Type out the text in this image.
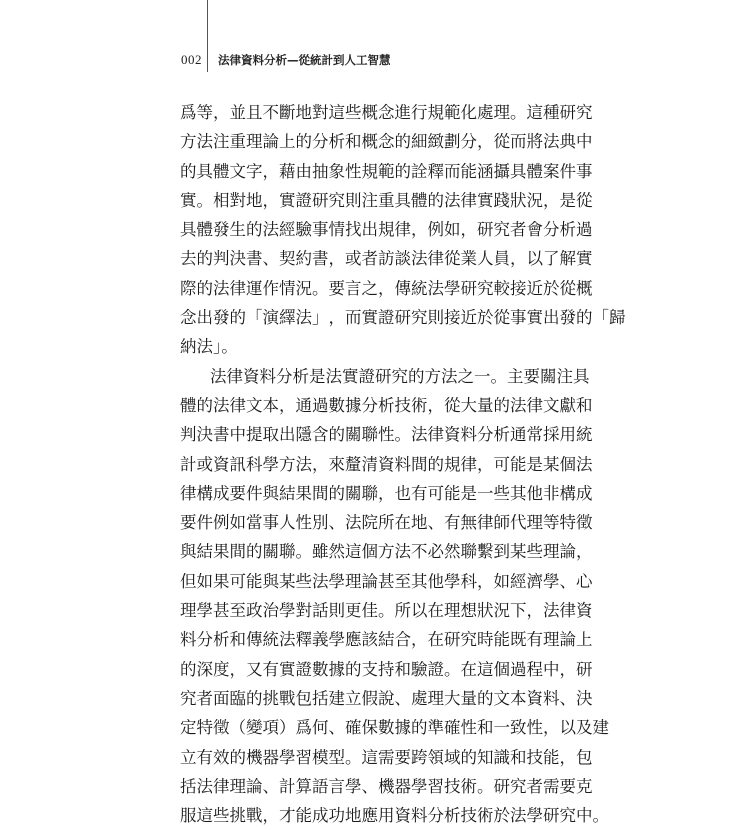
002 法律資料分析—從統計到人工智慧
爲 等 ， 並 且 不 斷 地 對 這 些 概 念 進 行 規 範 化 處 理 。 這 種 研 究
方 法 注 重 理 論 上 的 分 析 和 概 念 的 細 緻 劃 分 ， 從 而 將 法 典 中
的 具 體 文 字 ， 藉 由 抽 象 性 規 範 的 詮 釋 而 能 涵 攝 具 體 案 件 事
實 。 相 對 地 ， 實 證 研 究 則 注 重 具 體 的 法 律 實 踐 狀 況 ， 是 從
具 體 發 生 的 法 經 驗 事 情 找 出 規 律 ， 例 如 ， 研 究 者 會 分 析 過
去 的 判 決 書 、 契 約 書 ， 或 者 訪 談 法 律 從 業 人 員 ， 以 了 解 實
際 的 法 律 運 作 情 況 。 要 言 之 ， 傳 統 法 學 研 究 較 接 近 於 從 概
念 出 發 的 「 演 繹 法 」 ， 而 實 證 研 究 則 接 近 於 從 事 實 出 發 的 「 歸
納法」。
法 律 資 料 分 析 是 法 實 證 研 究 的 方 法 之 一 。 主 要 關 注 具
體 的 法 律 文 本 ， 通 過 數 據 分 析 技 術 ， 從 大 量 的 法 律 文 獻 和
判 決 書 中 提 取 出 隱 含 的 關 聯 性 。 法 律 資 料 分 析 通 常 採 用 統
計 或 資 訊 科 學 方 法 ， 來 釐 清 資 料 間 的 規 律 ， 可 能 是 某 個 法
律 構 成 要 件 與 結 果 間 的 關 聯 ， 也 有 可 能 是 一 些 其 他 非 構 成
要 件 例 如 當 事 人 性 別 、 法 院 所 在 地 、 有 無 律 師 代 理 等 特 徵
與 結 果 間 的 關 聯 。 雖 然 這 個 方 法 不 必 然 聯 繫 到 某 些 理 論 ，
但 如 果 可 能 與 某 些 法 學 理 論 甚 至 其 他 學 科 ， 如 經 濟 學 、 心
理 學 甚 至 政 治 學 對 話 則 更 佳 。 所 以 在 理 想 狀 況 下 ， 法 律 資
料 分 析 和 傳 統 法 釋 義 學 應 該 結 合 ， 在 研 究 時 能 既 有 理 論 上
的 深 度 ， 又 有 實 證 數 據 的 支 持 和 驗 證 。 在 這 個 過 程 中 ， 研
究 者 面 臨 的 挑 戰 包 括 建 立 假 說 、 處 理 大 量 的 文 本 資 料 、 決
定 特 徵 （ 變 項 ） 爲 何 、 確 保 數 據 的 準 確 性 和 一 致 性 ， 以 及 建
立 有 效 的 機 器 學 習 模 型 。 這 需 要 跨 領 域 的 知 識 和 技 能 ， 包
括 法 律 理 論 、 計 算 語 言 學 、 機 器 學 習 技 術 。 研 究 者 需 要 克
服這些挑戰，才能成功地應用資料分析技術於法學研究中。
